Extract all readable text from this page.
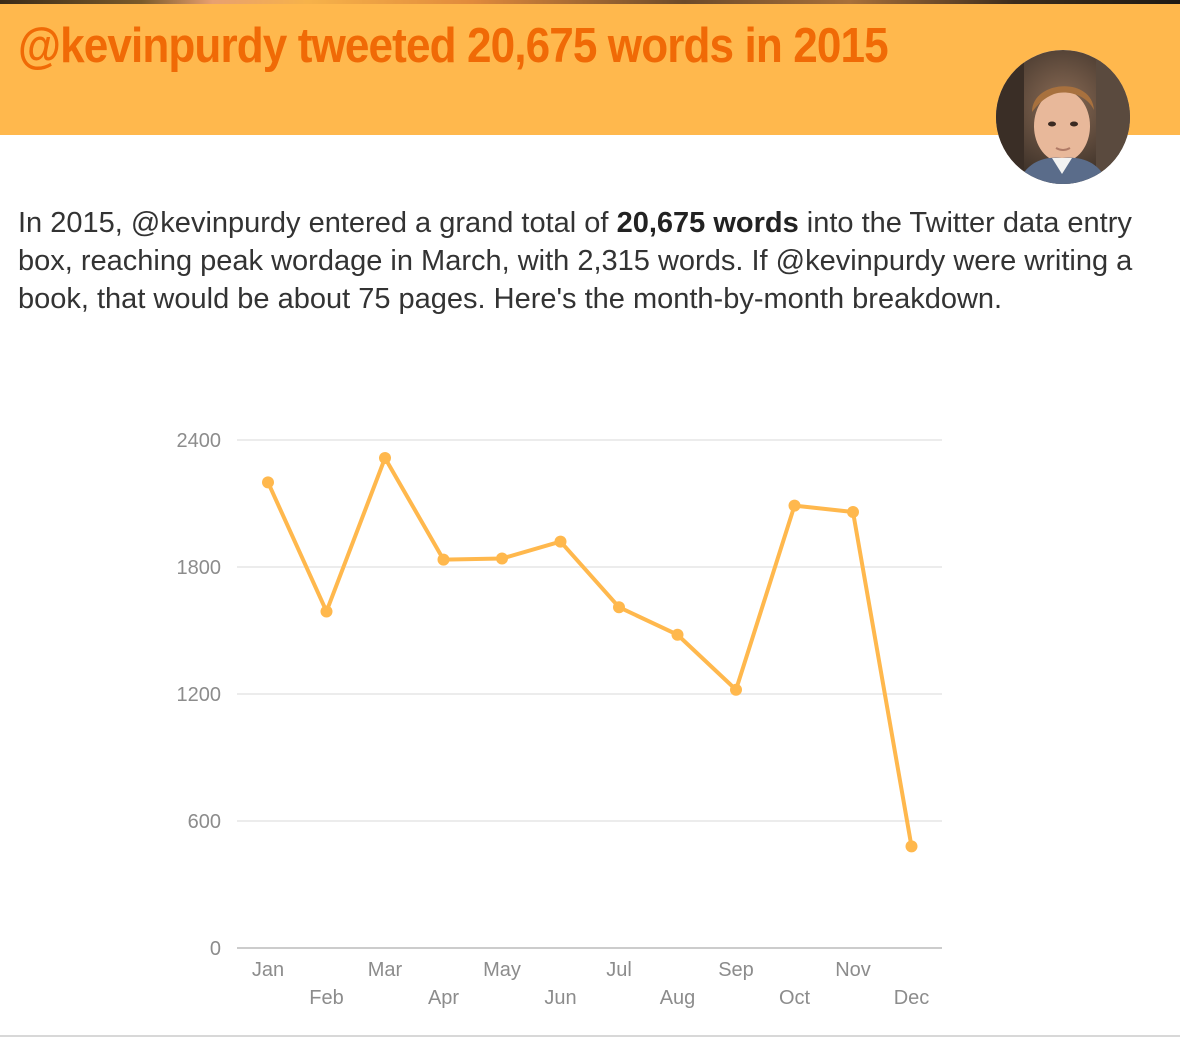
@kevinpurdy tweeted 20,675 words in 2015

In 2015, @kevinpurdy entered a grand total of 20,675 words into the Twitter data entry box, reaching peak wordage in March, with 2,315 words. If @kevinpurdy were writing a book, that would be about 75 pages. Here's the month-by-month breakdown.

0
600
1200
1800
2400
Jan
Feb
Mar
Apr
May
Jun
Jul
Aug
Sep
Oct
Nov
Dec
